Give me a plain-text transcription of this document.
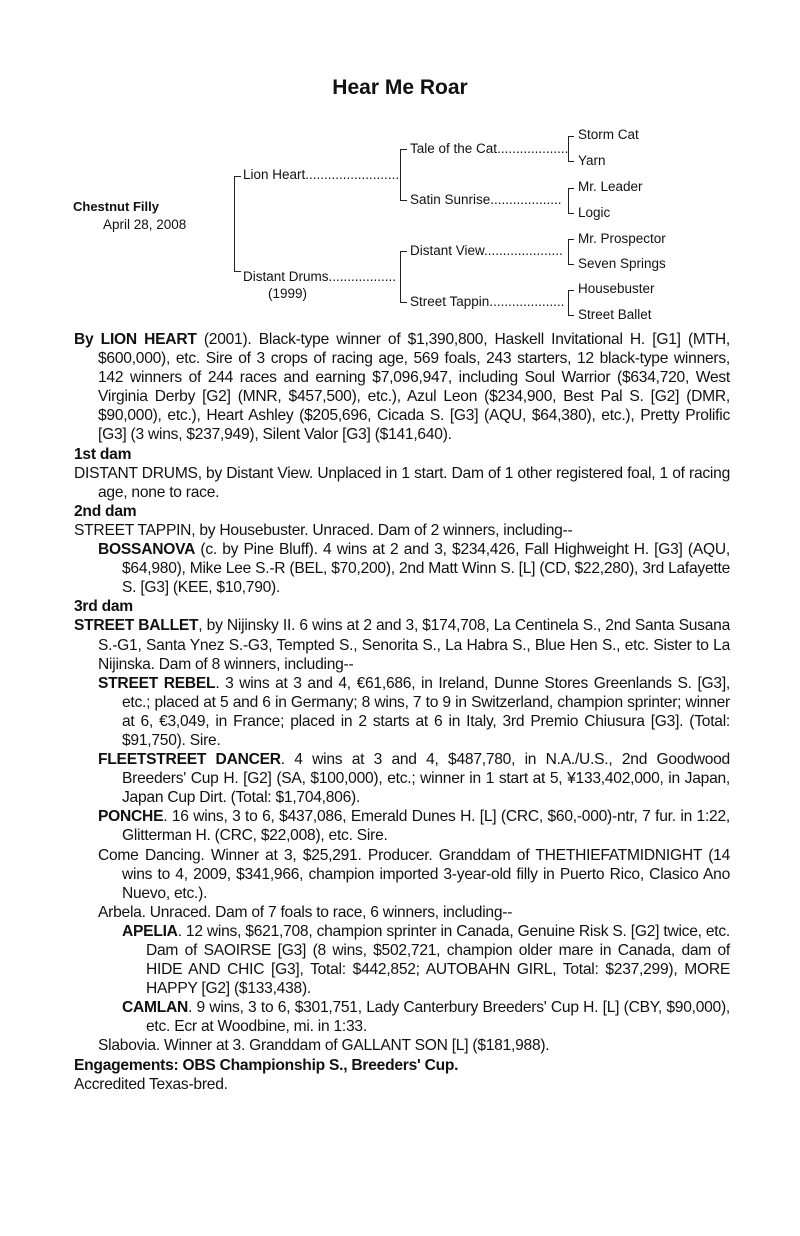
Hear Me Roar
Chestnut Filly
April 28, 2008
Lion Heart.........................
Distant Drums..................
(1999)
Tale of the Cat...................
Satin Sunrise...................
Distant View.....................
Street Tappin....................
Storm Cat
Yarn
Mr. Leader
Logic
Mr. Prospector
Seven Springs
Housebuster
Street Ballet

By LION HEART (2001). Black-type winner of $1,390,800, Haskell Invitational H. [G1] (MTH, $600,000), etc. Sire of 3 crops of racing age, 569 foals, 243 starters, 12 black-type winners, 142 winners of 244 races and earning $7,096,947, including Soul Warrior ($634,720, West Virginia Derby [G2] (MNR, $457,500), etc.), Azul Leon ($234,900, Best Pal S. [G2] (DMR, $90,000), etc.), Heart Ashley ($205,696, Cicada S. [G3] (AQU, $64,380), etc.), Pretty Prolific [G3] (3 wins, $237,949), Silent Valor [G3] ($141,640).

1st dam

DISTANT DRUMS, by Distant View. Unplaced in 1 start. Dam of 1 other registered foal, 1 of racing age, none to race.

2nd dam

STREET TAPPIN, by Housebuster. Unraced. Dam of 2 winners, including--

BOSSANOVA (c. by Pine Bluff). 4 wins at 2 and 3, $234,426, Fall Highweight H. [G3] (AQU, $64,980), Mike Lee S.-R (BEL, $70,200), 2nd Matt Winn S. [L] (CD, $22,280), 3rd Lafayette S. [G3] (KEE, $10,790).

3rd dam

STREET BALLET, by Nijinsky II. 6 wins at 2 and 3, $174,708, La Centinela S., 2nd Santa Susana S.-G1, Santa Ynez S.-G3, Tempted S., Senorita S., La Habra S., Blue Hen S., etc. Sister to La Nijinska. Dam of 8 winners, including--

STREET REBEL. 3 wins at 3 and 4, €61,686, in Ireland, Dunne Stores Greenlands S. [G3], etc.; placed at 5 and 6 in Germany; 8 wins, 7 to 9 in Switzerland, champion sprinter; winner at 6, €3,049, in France; placed in 2 starts at 6 in Italy, 3rd Premio Chiusura [G3]. (Total: $91,750). Sire.

FLEETSTREET DANCER. 4 wins at 3 and 4, $487,780, in N.A./U.S., 2nd Goodwood Breeders' Cup H. [G2] (SA, $100,000), etc.; winner in 1 start at 5, ¥133,402,000, in Japan, Japan Cup Dirt. (Total: $1,704,806).

PONCHE. 16 wins, 3 to 6, $437,086, Emerald Dunes H. [L] (CRC, $60,-000)-ntr, 7 fur. in 1:22, Glitterman H. (CRC, $22,008), etc. Sire.

Come Dancing. Winner at 3, $25,291. Producer. Granddam of THETHIEFATMIDNIGHT (14 wins to 4, 2009, $341,966, champion imported 3-year-old filly in Puerto Rico, Clasico Ano Nuevo, etc.).

Arbela. Unraced. Dam of 7 foals to race, 6 winners, including--

APELIA. 12 wins, $621,708, champion sprinter in Canada, Genuine Risk S. [G2] twice, etc. Dam of SAOIRSE [G3] (8 wins, $502,721, champion older mare in Canada, dam of HIDE AND CHIC [G3], Total: $442,852; AUTOBAHN GIRL, Total: $237,299), MORE HAPPY [G2] ($133,438).

CAMLAN. 9 wins, 3 to 6, $301,751, Lady Canterbury Breeders' Cup H. [L] (CBY, $90,000), etc. Ecr at Woodbine, mi. in 1:33.

Slabovia. Winner at 3. Granddam of GALLANT SON [L] ($181,988).

Engagements: OBS Championship S., Breeders' Cup.

Accredited Texas-bred.
